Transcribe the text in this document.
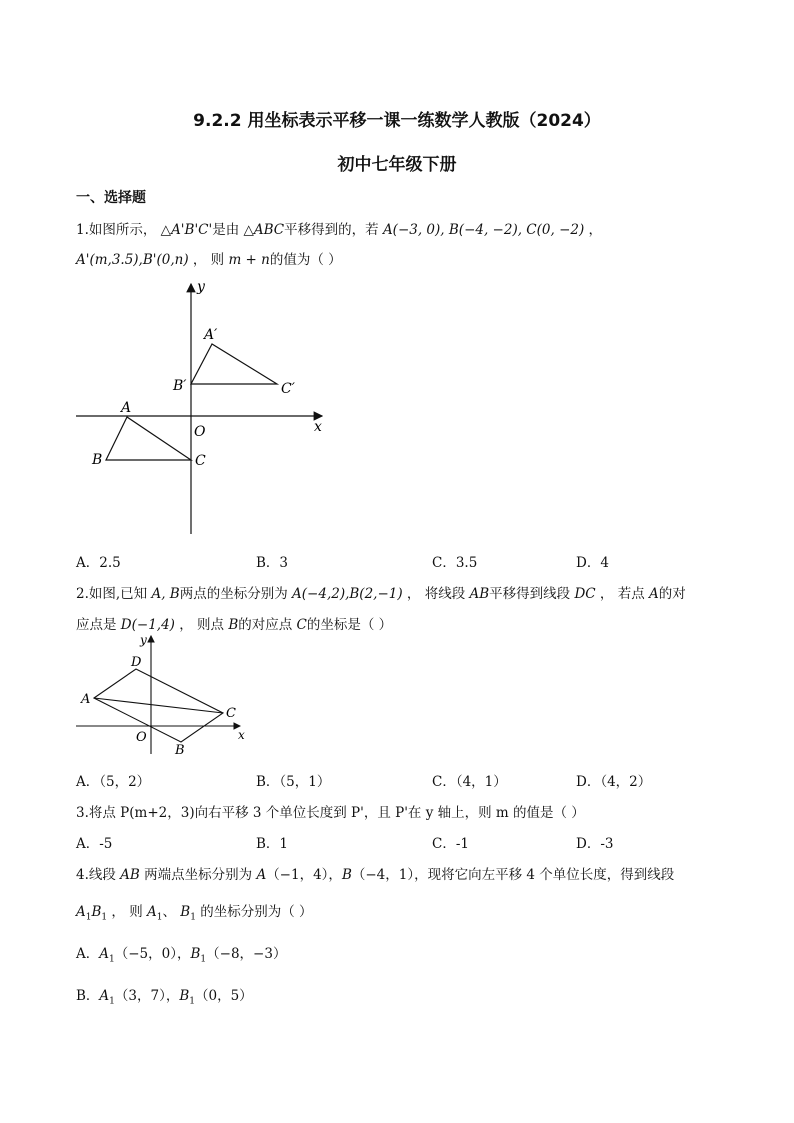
9.2.2 用坐标表示平移一课一练数学人教版（2024）
初中七年级下册
一、选择题
1.如图所示， △A'B'C'是由 △ABC平移得到的，若 A(−3, 0), B(−4, −2), C(0, −2) ，
A'(m,3.5),B'(0,n) ， 则 m + n的值为（ ）
y
x
O
A
B	C
A′
B′	C′
A．2.5	B．3	C．3.5	D．4
2.如图,已知 A, B两点的坐标分别为 A(−4,2),B(2,−1) ， 将线段 AB平移得到线段 DC ， 若点 A的对
应点是 D(−1,4) ， 则点 B的对应点 C的坐标是（ ）
y
x
O
A
B
C
D
A．（5，2）	B．（5，1）	C．（4，1）	D．（4，2）
3.将点 P(m+2，3)向右平移 3 个单位长度到 P'，且 P'在 y 轴上，则 m 的值是（ ）
A．-5	B．1	C．-1	D．-3
4.线段 AB 两端点坐标分别为 A（−1，4），B（−4，1），现将它向左平移 4 个单位长度，得到线段
$A_1B_1$ ， 则 $A_1$、 $B_1$ 的坐标分别为（ ）
A．$A_1(-5$，0），$B_1(-8$，−3）
B．$A_1(3$，7），$B_1(0$，5）
